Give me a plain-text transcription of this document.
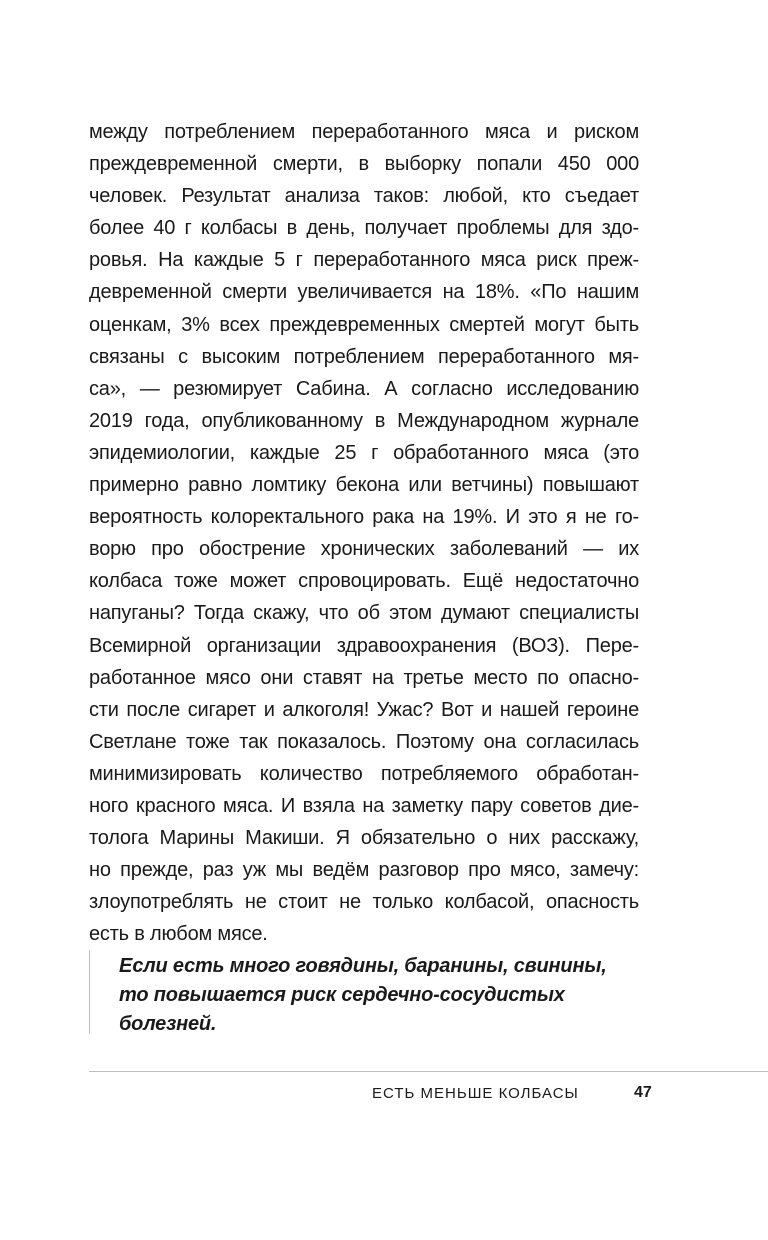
между потреблением переработанного мяса и риском
преждевременной смерти, в выборку попали 450 000
человек. Результат анализа таков: любой, кто съедает
более 40 г колбасы в день, получает проблемы для здо-
ровья. На каждые 5 г переработанного мяса риск преж-
девременной смерти увеличивается на 18%. «По нашим
оценкам, 3% всех преждевременных смертей могут быть
связаны с высоким потреблением переработанного мя-
са», — резюмирует Сабина. А согласно исследованию
2019 года, опубликованному в Международном журнале
эпидемиологии, каждые 25 г обработанного мяса (это
примерно равно ломтику бекона или ветчины) повышают
вероятность колоректального рака на 19%. И это я не го-
ворю про обострение хронических заболеваний — их
колбаса тоже может спровоцировать. Ещё недостаточно
напуганы? Тогда скажу, что об этом думают специалисты
Всемирной организации здравоохранения (ВОЗ). Пере-
работанное мясо они ставят на третье место по опасно-
сти после сигарет и алкоголя! Ужас? Вот и нашей героине
Светлане тоже так показалось. Поэтому она согласилась
минимизировать количество потребляемого обработан-
ного красного мяса. И взяла на заметку пару советов дие-
толога Марины Макиши. Я обязательно о них расскажу,
но прежде, раз уж мы ведём разговор про мясо, замечу:
злоупотреблять не стоит не только колбасой, опасность
есть в любом мясе.
Если есть много говядины, баранины, свинины,
то повышается риск сердечно-сосудистых
болезней.
ЕСТЬ МЕНЬШЕ КОЛБАСЫ	47
